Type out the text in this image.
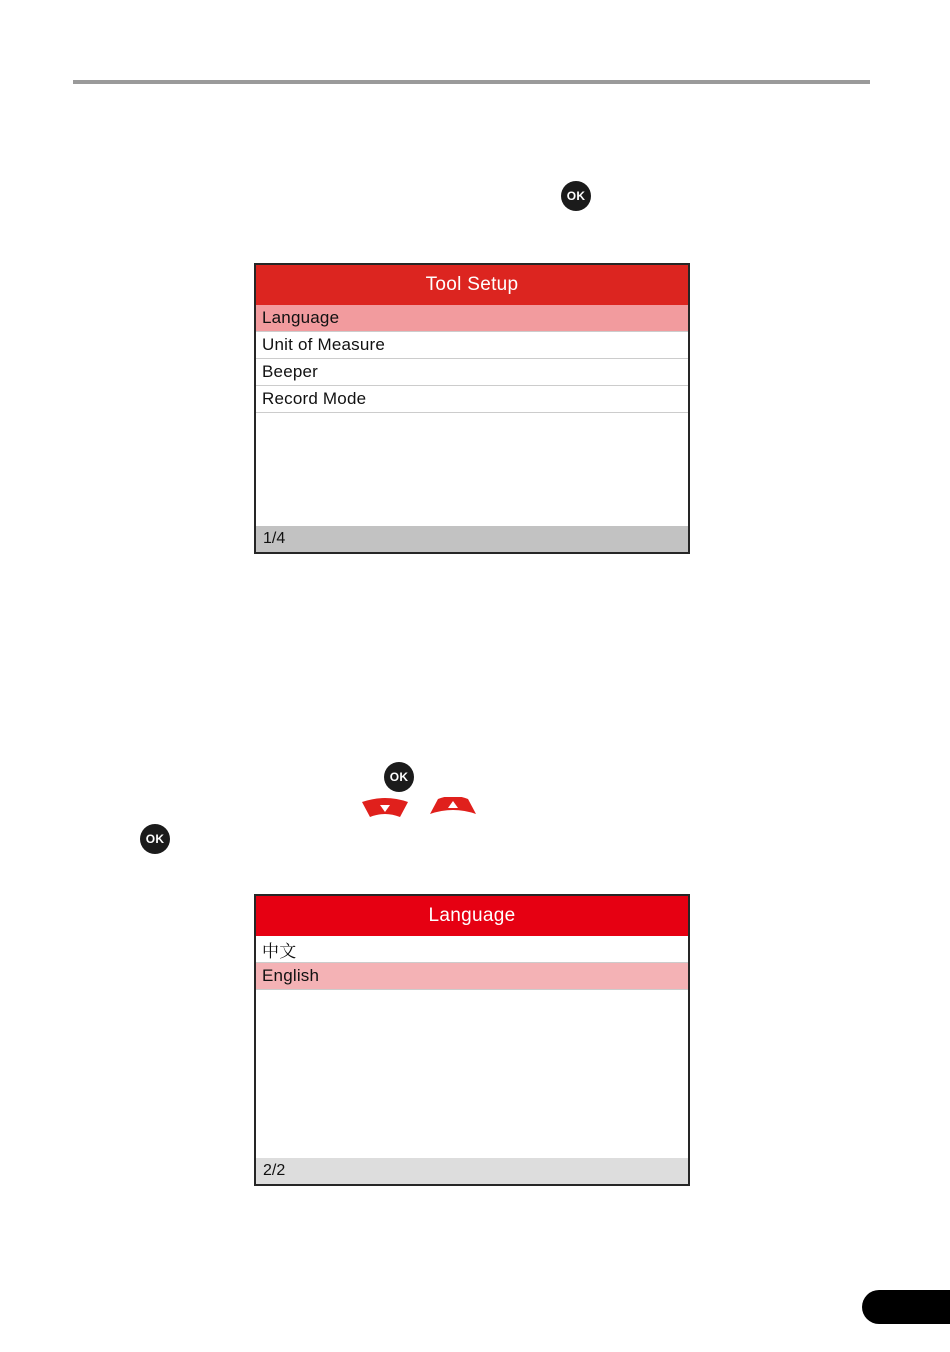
OK
Tool Setup
Language
Unit of Measure
Beeper
Record Mode
1/4
OK
OK
Language
中文
English
2/2
